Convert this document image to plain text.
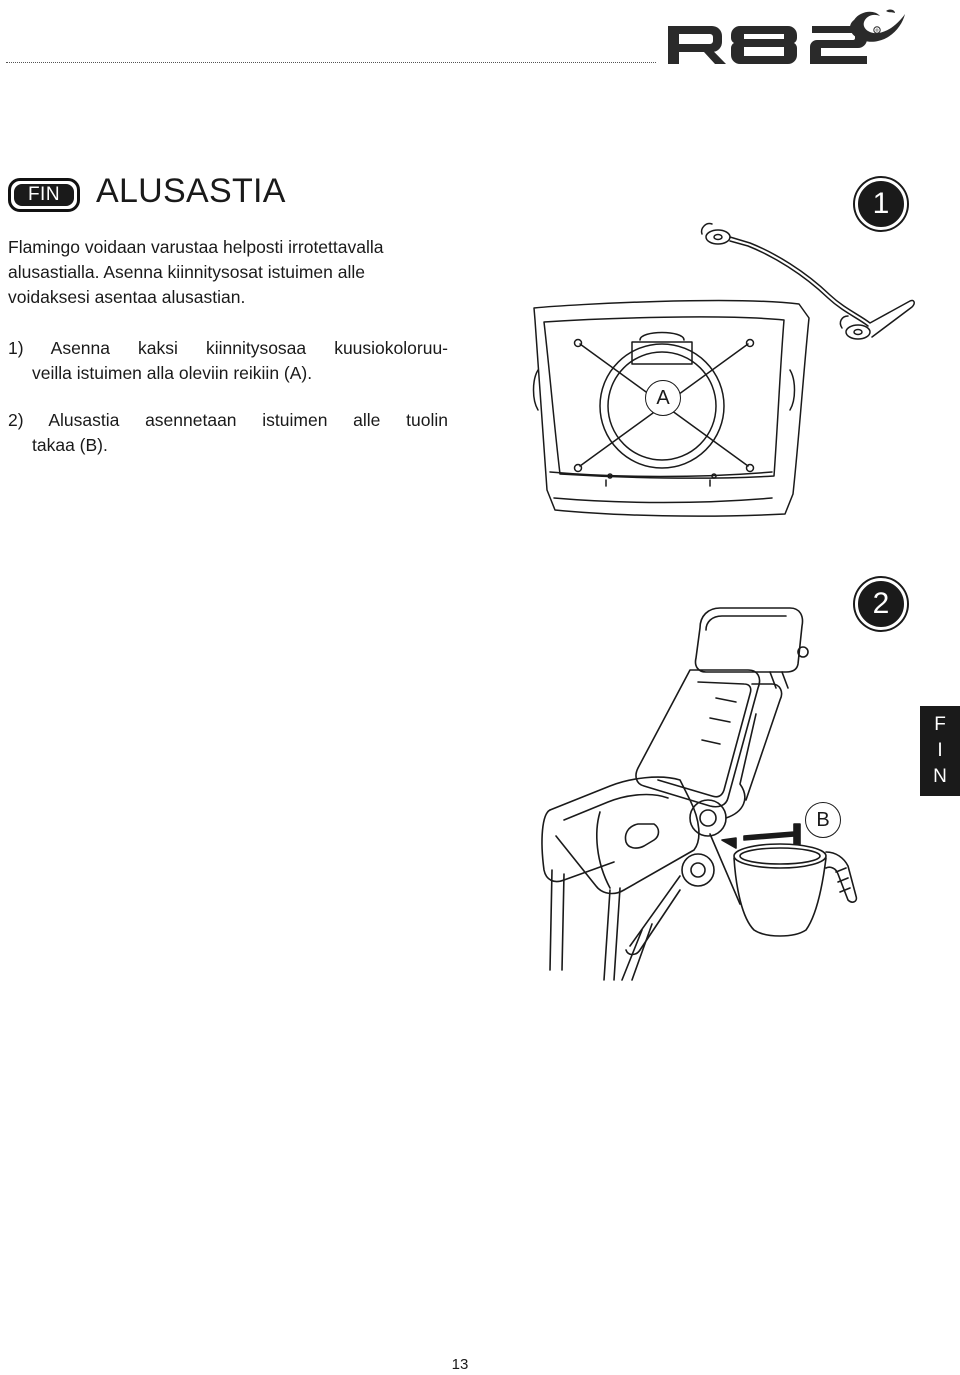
®
FIN	ALUSASTIA

Flamingo voidaan varustaa helposti irrotettavalla alusastialla. Asenna kiinnitysosat istuimen alle voidaksesi asentaa alusastian.

1) Asenna kaksi kiinnitysosaa kuusiokoloruu-
veilla istuimen alla oleviin reikiin (A).
2) Alusastia asennetaan istuimen alle tuolin
takaa (B).
1
A
2
B
F
I
N
13
